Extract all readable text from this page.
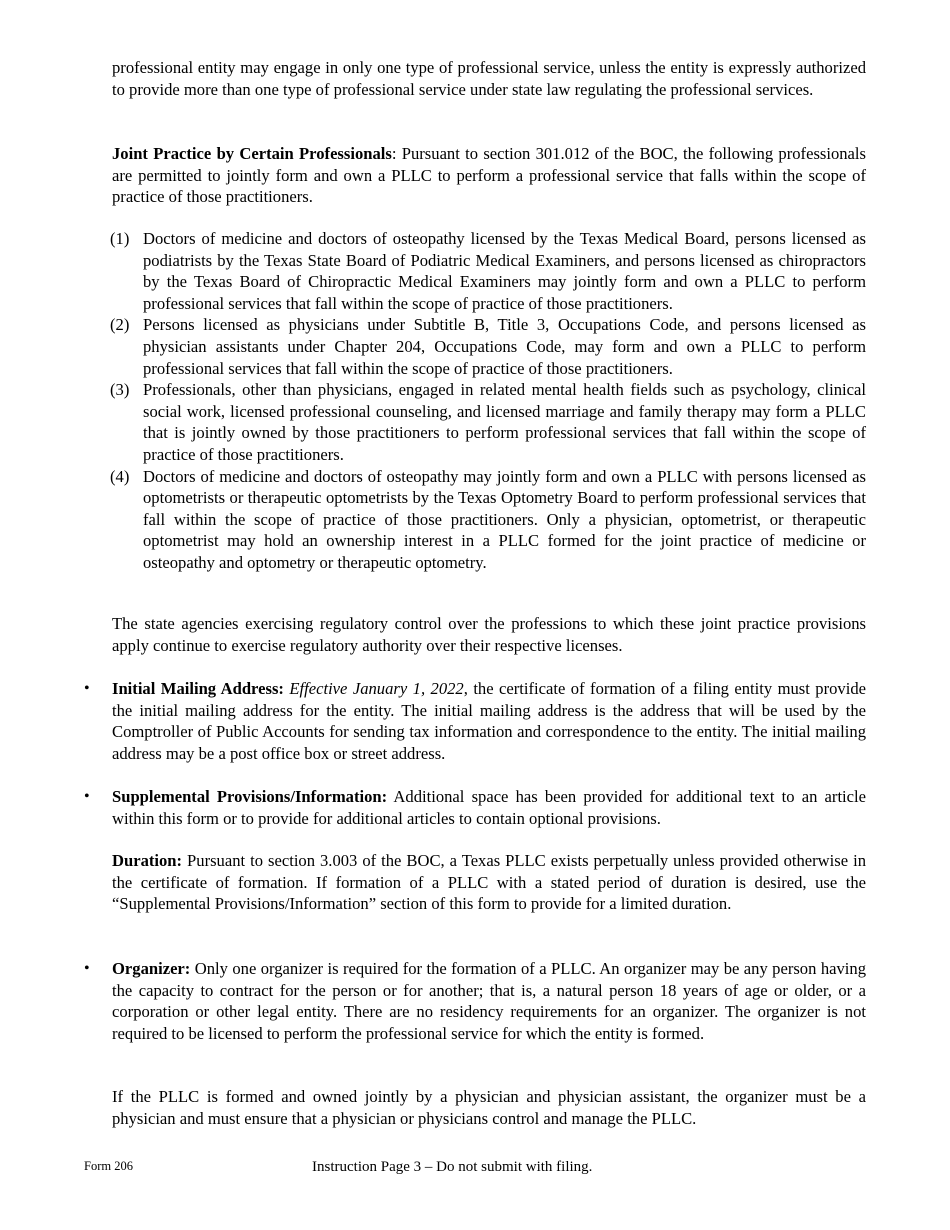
professional entity may engage in only one type of professional service, unless the entity is expressly authorized to provide more than one type of professional service under state law regulating the professional services.

Joint Practice by Certain Professionals: Pursuant to section 301.012 of the BOC, the following professionals are permitted to jointly form and own a PLLC to perform a professional service that falls within the scope of practice of those practitioners.

(1) Doctors of medicine and doctors of osteopathy licensed by the Texas Medical Board, persons licensed as podiatrists by the Texas State Board of Podiatric Medical Examiners, and persons licensed as chiropractors by the Texas Board of Chiropractic Medical Examiners may jointly form and own a PLLC to perform professional services that fall within the scope of practice of those practitioners.
(2) Persons licensed as physicians under Subtitle B, Title 3, Occupations Code, and persons licensed as physician assistants under Chapter 204, Occupations Code, may form and own a PLLC to perform professional services that fall within the scope of practice of those practitioners.
(3) Professionals, other than physicians, engaged in related mental health fields such as psychology, clinical social work, licensed professional counseling, and licensed marriage and family therapy may form a PLLC that is jointly owned by those practitioners to perform professional services that fall within the scope of practice of those practitioners.
(4) Doctors of medicine and doctors of osteopathy may jointly form and own a PLLC with persons licensed as optometrists or therapeutic optometrists by the Texas Optometry Board to perform professional services that fall within the scope of practice of those practitioners. Only a physician, optometrist, or therapeutic optometrist may hold an ownership interest in a PLLC formed for the joint practice of medicine or osteopathy and optometry or therapeutic optometry.

The state agencies exercising regulatory control over the professions to which these joint practice provisions apply continue to exercise regulatory authority over their respective licenses.

• Initial Mailing Address: Effective January 1, 2022, the certificate of formation of a filing entity must provide the initial mailing address for the entity. The initial mailing address is the address that will be used by the Comptroller of Public Accounts for sending tax information and correspondence to the entity. The initial mailing address may be a post office box or street address.

• Supplemental Provisions/Information: Additional space has been provided for additional text to an article within this form or to provide for additional articles to contain optional provisions.

Duration: Pursuant to section 3.003 of the BOC, a Texas PLLC exists perpetually unless provided otherwise in the certificate of formation. If formation of a PLLC with a stated period of duration is desired, use the “Supplemental Provisions/Information” section of this form to provide for a limited duration.

• Organizer: Only one organizer is required for the formation of a PLLC. An organizer may be any person having the capacity to contract for the person or for another; that is, a natural person 18 years of age or older, or a corporation or other legal entity. There are no residency requirements for an organizer. The organizer is not required to be licensed to perform the professional service for which the entity is formed.

If the PLLC is formed and owned jointly by a physician and physician assistant, the organizer must be a physician and must ensure that a physician or physicians control and manage the PLLC.

Form 206	Instruction Page 3 – Do not submit with filing.
